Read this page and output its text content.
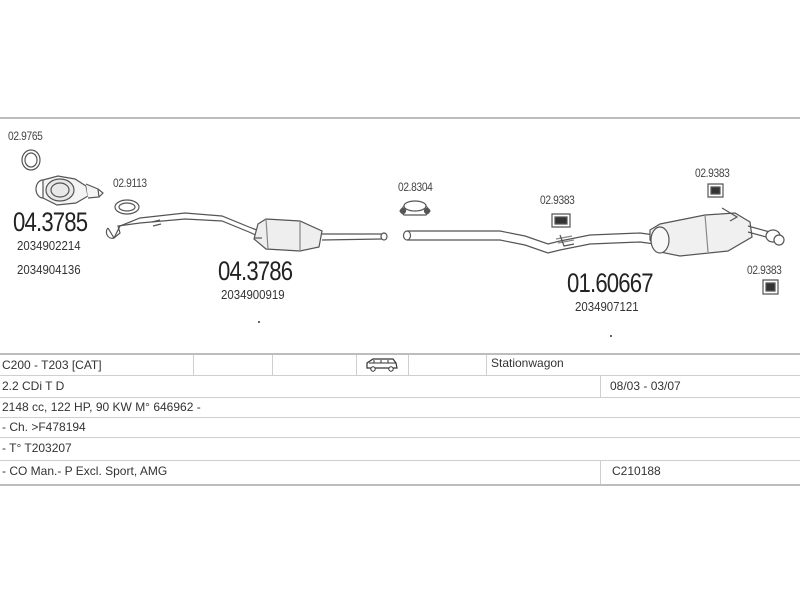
02.9765
02.9113
04.3785
2034902214
2034904136	04.3786
2034900919
02.8304
02.9383
02.9383
02.9383
01.60667
2034907121
C200 - T203 [CAT]	Stationwagon
2.2 CDi T D	08/03 - 03/07
2148 cc, 122 HP, 90 KW M° 646962 -
- Ch. >F478194
- T° T203207
- CO Man.- P Excl. Sport, AMG	C210188
